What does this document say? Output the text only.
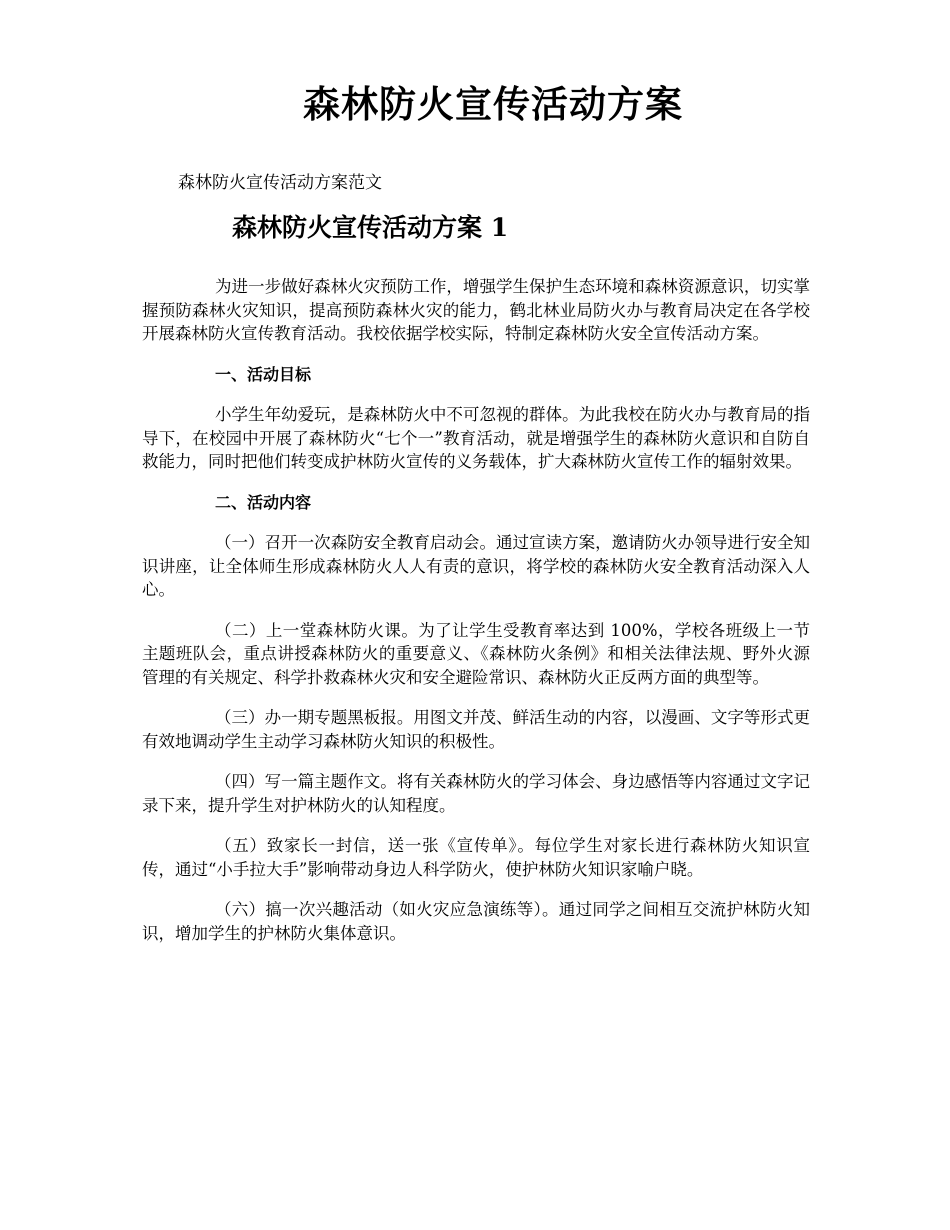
森林防火宣传活动方案
森林防火宣传活动方案范文
森林防火宣传活动方案 1

为进一步做好森林火灾预防工作，增强学生保护生态环境和森林资源意识，切实掌握预防森林火灾知识，提高预防森林火灾的能力，鹤北林业局防火办与教育局决定在各学校开展森林防火宣传教育活动。我校依据学校实际，特制定森林防火安全宣传活动方案。

一、活动目标

小学生年幼爱玩，是森林防火中不可忽视的群体。为此我校在防火办与教育局的指导下，在校园中开展了森林防火“七个一”教育活动，就是增强学生的森林防火意识和自防自救能力，同时把他们转变成护林防火宣传的义务载体，扩大森林防火宣传工作的辐射效果。

二、活动内容

（一）召开一次森防安全教育启动会。通过宣读方案，邀请防火办领导进行安全知识讲座，让全体师生形成森林防火人人有责的意识，将学校的森林防火安全教育活动深入人心。

（二）上一堂森林防火课。为了让学生受教育率达到 100%，学校各班级上一节主题班队会，重点讲授森林防火的重要意义、《森林防火条例》和相关法律法规、野外火源管理的有关规定、科学扑救森林火灾和安全避险常识、森林防火正反两方面的典型等。

（三）办一期专题黑板报。用图文并茂、鲜活生动的内容，以漫画、文字等形式更有效地调动学生主动学习森林防火知识的积极性。

（四）写一篇主题作文。将有关森林防火的学习体会、身边感悟等内容通过文字记录下来，提升学生对护林防火的认知程度。

（五）致家长一封信，送一张《宣传单》。每位学生对家长进行森林防火知识宣传，通过“小手拉大手”影响带动身边人科学防火，使护林防火知识家喻户晓。

（六）搞一次兴趣活动（如火灾应急演练等）。通过同学之间相互交流护林防火知识，增加学生的护林防火集体意识。
